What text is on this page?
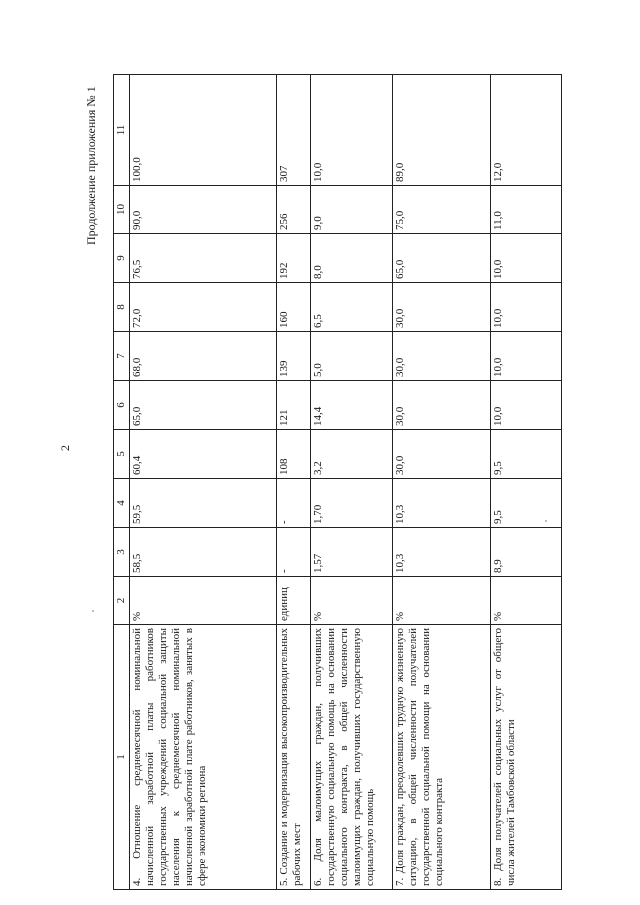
2
Продолжение приложения № 1
1	2	3	4	5	6	7	8	9	10	11
4. Отношение среднемесячной номинальной начисленной заработной платы работников государственных учреждений социальной защиты населения к среднемесячной номинальной начисленной заработной плате работников, занятых в сфере экономики региона	%	58,5	59,5	60,4	65,0	68,0	72,0	76,5	90,0	100,0
5. Создание и модернизация высокопроизводительных рабочих мест	единиц	-	-	108	121	139	160	192	256	307
6. Доля малоимущих граждан, получивших государственную социальную помощь на основании социального контракта, в общей численности малоимущих граждан, получивших государственную социальную помощь	%	1,57	1,70	3,2	14,4	5,0	6,5	8,0	9,0	10,0
7. Доля граждан, преодолевших трудную жизненную ситуацию, в общей численности получателей государственной социальной помощи на основании социального контракта	%	10,3	10,3	30,0	30,0	30,0	30,0	65,0	75,0	89,0
8. Доля получателей социальных услуг от общего числа жителей Тамбовской области	%	8,9	9,5	9,5	10,0	10,0	10,0	10,0	11,0	12,0
